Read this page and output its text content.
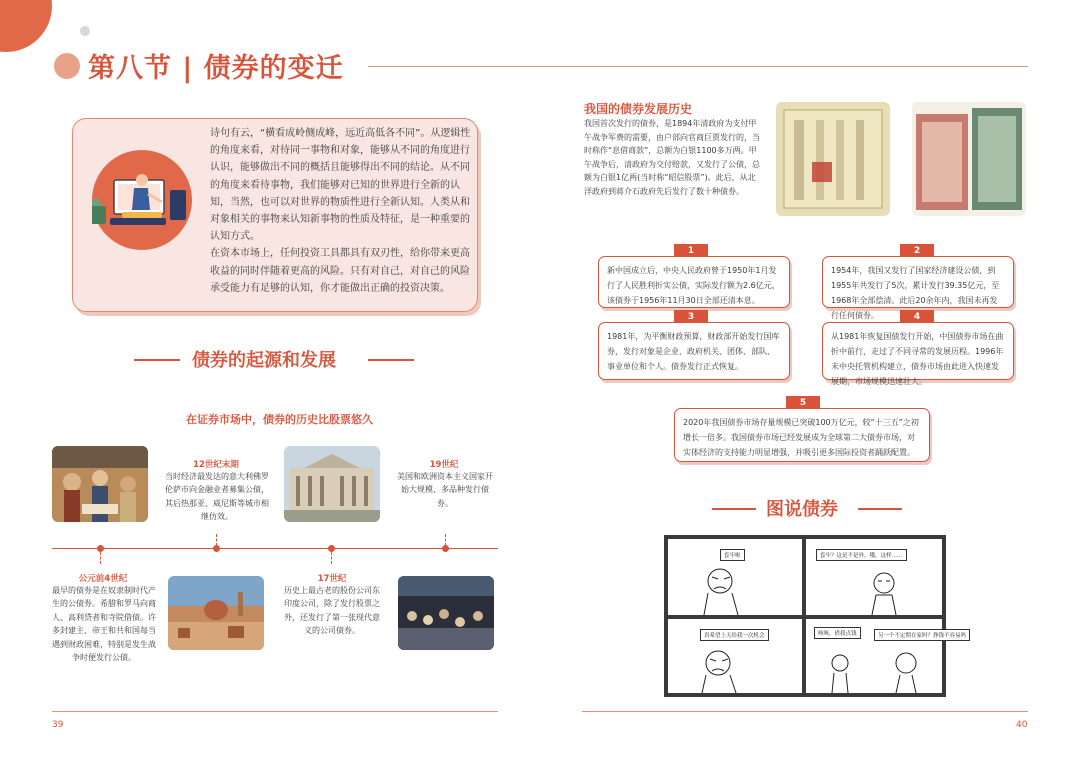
第八节 | 债券的变迁

诗句有云，“横看成岭侧成峰，远近高低各不同”。从逻辑性的角度来看，对待同一事物和对象，能够从不同的角度进行认识，能够做出不同的概括且能够得出不同的结论。从不同的角度来看待事物，我们能够对已知的世界进行全新的认知，当然，也可以对世界的物质性进行全新认知。人类从和对象相关的事物来认知新事物的性质及特征，是一种重要的认知方式。

在资本市场上，任何投资工具都具有双刃性，给你带来更高收益的同时伴随着更高的风险。只有对自己，对自己的风险承受能力有足够的认知，你才能做出正确的投资决策。

债券的起源和发展
在证券市场中，债券的历史比股票悠久
12世纪末期
当时经济最发达的意大利佛罗伦萨市向金融业者募集公债，其后热那亚、威尼斯等城市相继仿效。
19世纪
美国和欧洲资本主义国家开始大规模、多品种发行债券。
公元前4世纪
最早的债券是在奴隶制时代产生的公债券。希腊和罗马向商人、高利贷者和寺院借债。许多封建主、帝王和共和国每当遇到财政困难，特别是发生战争时便发行公债。
17世纪
历史上最古老的股份公司东印度公司，除了发行股票之外，还发行了第一张现代意义的公司债券。
我国的债券发展历史
我国首次发行的债券，是1894年清政府为支付甲午战争军费的需要，由户部向官商巨贾发行的，当时称作“息借商款”，总额为白银1100多万两。甲午战争后，清政府为交付赔款，又发行了公债，总额为白银1亿两(当时称“昭信股票”)。此后，从北洋政府到蒋介石政府先后发行了数十种债券。
1
新中国成立后，中央人民政府曾于1950年1月发行了人民胜利折实公债，实际发行额为2.6亿元，该债券于1956年11月30日全部还清本息。
2
1954年，我国又发行了国家经济建设公债，到1955年共发行了5次，累计发行39.35亿元，至1968年全部偿清。此后20余年内，我国未再发行任何债券。
3
1981年，为平衡财政预算，财政部开始发行国库券，发行对象是企业、政府机关、团体、部队、事业单位和个人。债券发行正式恢复。
4
从1981年恢复国债发行开始，中国债券市场在曲折中前行，走过了不同寻常的发展历程。1996年末中央托管机构建立，债券市场由此进入快速发展期，市场规模迅速壮大。
5
2020年我国债券市场存量规模已突破100万亿元，较“十三五”之初增长一倍多。我国债券市场已经发展成为全球第二大债券市场，对实体经济的支持能力明显增强，并吸引更多国际投资者踊跃配置。
图说债券
套牢啦	套牢？这是不是外，哦，这样……
真希望上天给我一次机会	咳咳，借我点钱	另一个不定期在家吗？挣钱不容易吗
39	40
